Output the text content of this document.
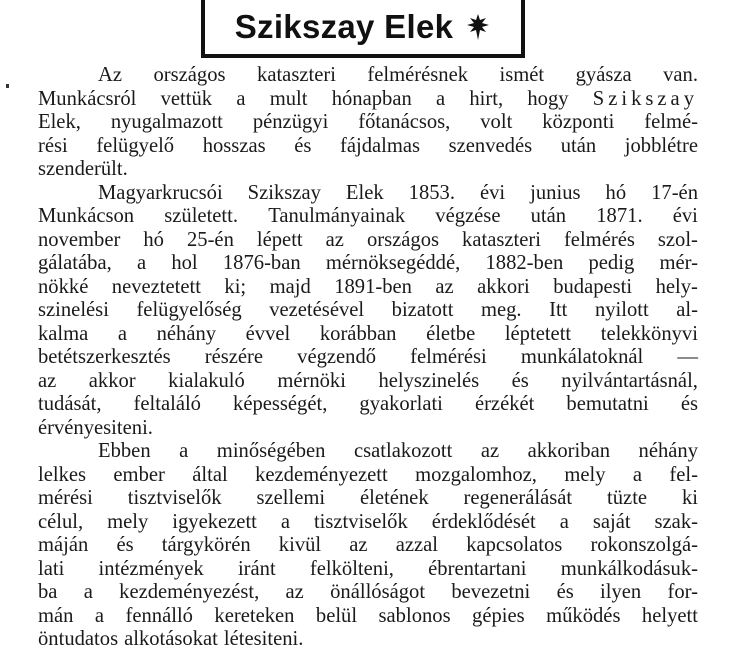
Szikszay Elek
Az országos kataszteri felmérésnek ismét gyásza van.
Munkácsról vettük a mult hónapban a hirt, hogy Szikszay
Elek, nyugalmazott pénzügyi főtanácsos, volt központi felmé-
rési felügyelő hosszas és fájdalmas szenvedés után jobblétre
szenderült.
Magyarkrucsói Szikszay Elek 1853. évi junius hó 17-én
Munkácson született. Tanulmányainak végzése után 1871. évi
november hó 25-én lépett az országos kataszteri felmérés szol-
gálatába, a hol 1876-ban mérnöksegéddé, 1882-ben pedig mér-
nökké neveztetett ki; majd 1891-ben az akkori budapesti hely-
szinelési felügyelőség vezetésével bizatott meg. Itt nyilott al-
kalma a néhány évvel korábban életbe léptetett telekkönyvi
betétszerkesztés részére végzendő felmérési munkálatoknál —
az akkor kialakuló mérnöki helyszinelés és nyilvántartásnál,
tudását, feltaláló képességét, gyakorlati érzékét bemutatni és
érvényesiteni.
Ebben a minőségében csatlakozott az akkoriban néhány
lelkes ember által kezdeményezett mozgalomhoz, mely a fel-
mérési tisztviselők szellemi életének regenerálását tüzte ki
célul, mely igyekezett a tisztviselők érdeklődését a saját szak-
máján és tárgykörén kivül az azzal kapcsolatos rokonszolgá-
lati intézmények iránt felkölteni, ébrentartani munkálkodásuk-
ba a kezdeményezést, az önállóságot bevezetni és ilyen for-
mán a fennálló kereteken belül sablonos gépies működés helyett
öntudatos alkotásokat létesiteni.
